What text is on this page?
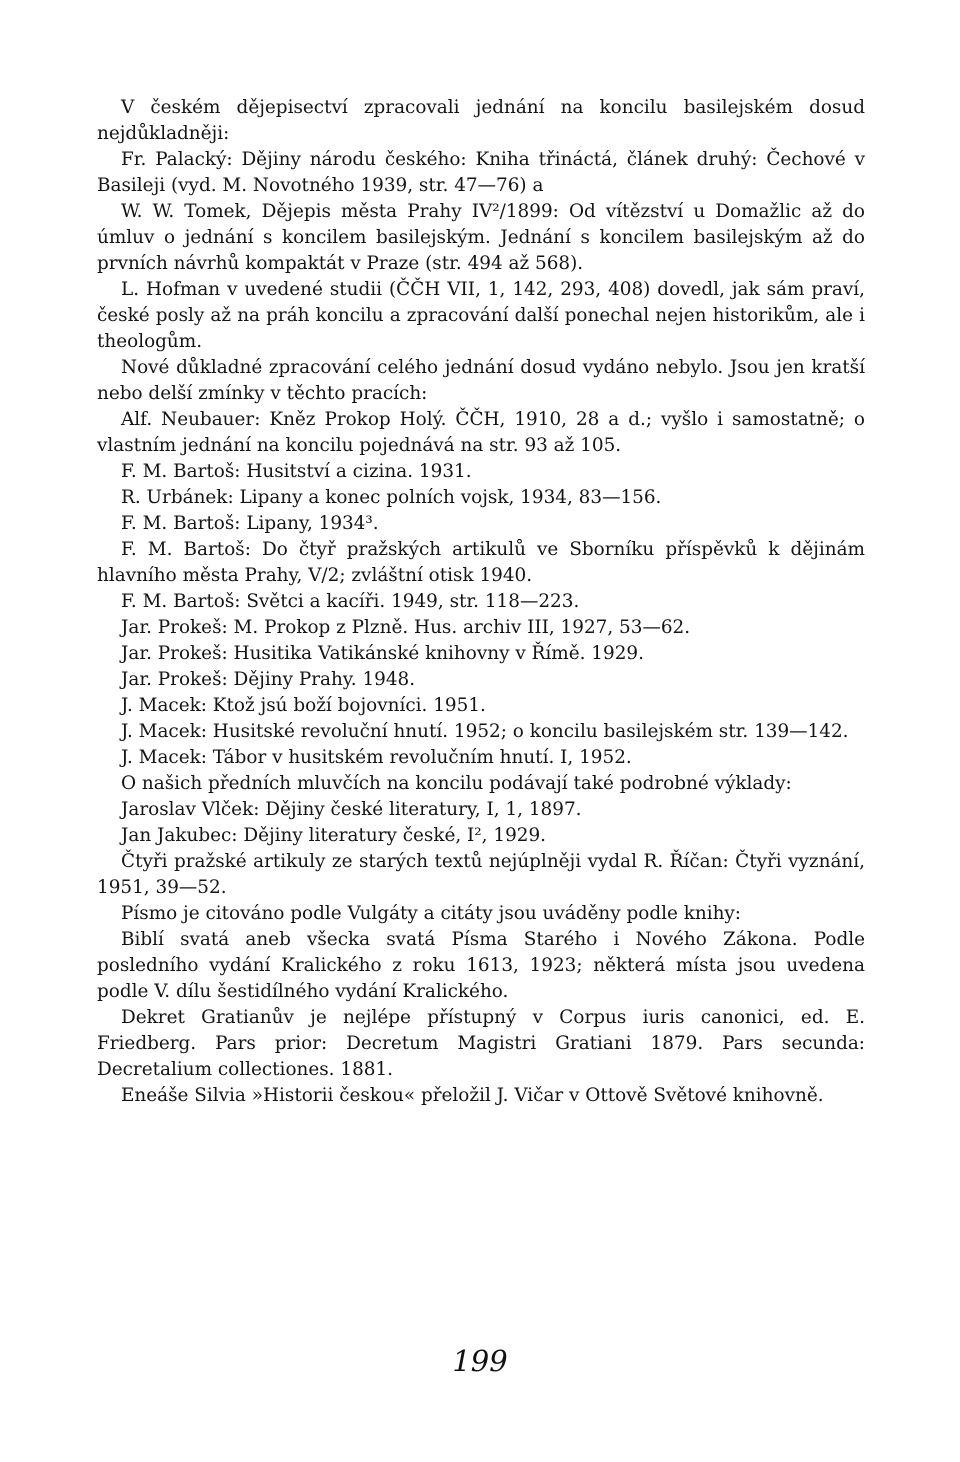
V českém dějepisectví zpracovali jednání na koncilu basilejském dosud nejdůkladněji:

Fr. Palacký: Dějiny národu českého: Kniha třináctá, článek druhý: Čechové v Basileji (vyd. M. Novotného 1939, str. 47—76) a

W. W. Tomek, Dějepis města Prahy IV²/1899: Od vítězství u Domažlic až do úmluv o jednání s koncilem basilejským. Jednání s koncilem basilejským až do prvních návrhů kompaktát v Praze (str. 494 až 568).

L. Hofman v uvedené studii (ČČH VII, 1, 142, 293, 408) dovedl, jak sám praví, české posly až na práh koncilu a zpracování další ponechal nejen historikům, ale i theologům.

Nové důkladné zpracování celého jednání dosud vydáno nebylo. Jsou jen kratší nebo delší zmínky v těchto pracích:

Alf. Neubauer: Kněz Prokop Holý. ČČH, 1910, 28 a d.; vyšlo i samostatně; o vlastním jednání na koncilu pojednává na str. 93 až 105.

F. M. Bartoš: Husitství a cizina. 1931.

R. Urbánek: Lipany a konec polních vojsk, 1934, 83—156.

F. M. Bartoš: Lipany, 1934³.

F. M. Bartoš: Do čtyř pražských artikulů ve Sborníku příspěvků k dějinám hlavního města Prahy, V/2; zvláštní otisk 1940.

F. M. Bartoš: Světci a kacíři. 1949, str. 118—223.

Jar. Prokeš: M. Prokop z Plzně. Hus. archiv III, 1927, 53—62.

Jar. Prokeš: Husitika Vatikánské knihovny v Římě. 1929.

Jar. Prokeš: Dějiny Prahy. 1948.

J. Macek: Ktož jsú boží bojovníci. 1951.

J. Macek: Husitské revoluční hnutí. 1952; o koncilu basilejském str. 139—142.

J. Macek: Tábor v husitském revolučním hnutí. I, 1952.

O našich předních mluvčích na koncilu podávají také podrobné výklady:

Jaroslav Vlček: Dějiny české literatury, I, 1, 1897.

Jan Jakubec: Dějiny literatury české, I², 1929.

Čtyři pražské artikuly ze starých textů nejúplněji vydal R. Říčan: Čtyři vyznání, 1951, 39—52.

Písmo je citováno podle Vulgáty a citáty jsou uváděny podle knihy:

Biblí svatá aneb všecka svatá Písma Starého i Nového Zákona. Podle posledního vydání Kralického z roku 1613, 1923; některá místa jsou uvedena podle V. dílu šestidílného vydání Kralického.

Dekret Gratianův je nejlépe přístupný v Corpus iuris canonici, ed. E. Friedberg. Pars prior: Decretum Magistri Gratiani 1879. Pars secunda: Decretalium collectiones. 1881.

Eneáše Silvia »Historii českou« přeložil J. Vičar v Ottově Světové knihovně.

199
